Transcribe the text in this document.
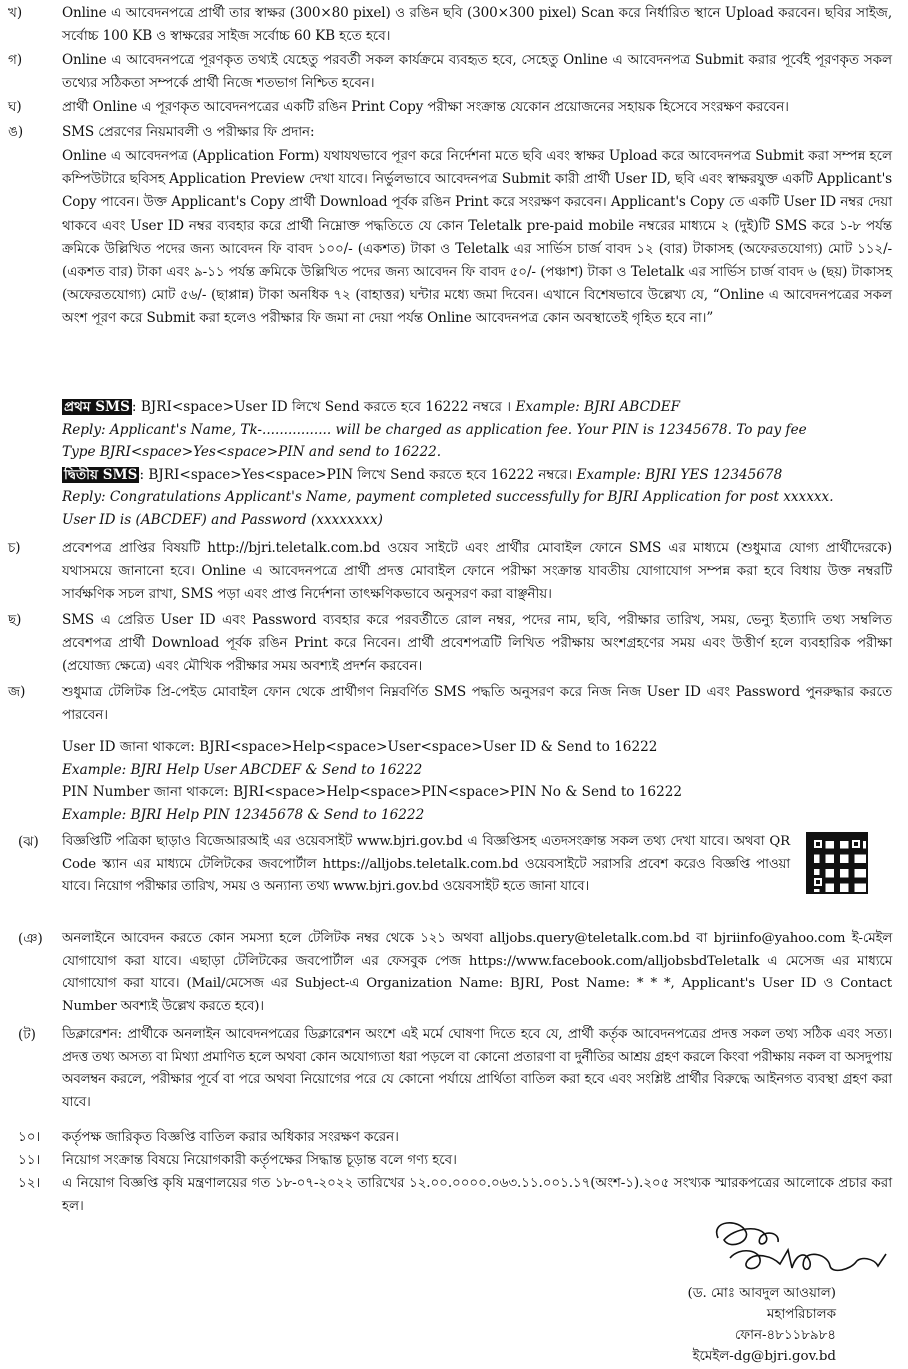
খ)	Online এ আবেদনপত্রে প্রার্থী তার স্বাক্ষর (300×80 pixel) ও রঙিন ছবি (300×300 pixel) Scan করে নির্ধারিত স্থানে Upload করবেন। ছবির সাইজ, সর্বোচ্চ 100 KB ও স্বাক্ষরের সাইজ সর্বোচ্চ 60 KB হতে হবে।
গ)	Online এ আবেদনপত্রে পূরণকৃত তথ্যই যেহেতু পরবর্তী সকল কার্যক্রমে ব্যবহৃত হবে, সেহেতু Online এ আবেদনপত্র Submit করার পূর্বেই পূরণকৃত সকল তথ্যের সঠিকতা সম্পর্কে প্রার্থী নিজে শতভাগ নিশ্চিত হবেন।
ঘ)	প্রার্থী Online এ পূরণকৃত আবেদনপত্রের একটি রঙিন Print Copy পরীক্ষা সংক্রান্ত যেকোন প্রয়োজনের সহায়ক হিসেবে সংরক্ষণ করবেন।
ঙ)	SMS প্রেরণের নিয়মাবলী ও পরীক্ষার ফি প্রদান:
Online এ আবেদনপত্র (Application Form) যথাযথভাবে পূরণ করে নির্দেশনা মতে ছবি এবং স্বাক্ষর Upload করে আবেদনপত্র Submit করা সম্পন্ন হলে কম্পিউটারে ছবিসহ Application Preview দেখা যাবে। নির্ভুলভাবে আবেদনপত্র Submit কারী প্রার্থী User ID, ছবি এবং স্বাক্ষরযুক্ত একটি Applicant's Copy পাবেন। উক্ত Applicant's Copy প্রার্থী Download পূর্বক রঙিন Print করে সংরক্ষণ করবেন। Applicant's Copy তে একটি User ID নম্বর দেয়া থাকবে এবং User ID নম্বর ব্যবহার করে প্রার্থী নিম্নোক্ত পদ্ধতিতে যে কোন Teletalk pre-paid mobile নম্বরের মাধ্যমে ২ (দুই)টি SMS করে ১-৮ পর্যন্ত ক্রমিকে উল্লিখিত পদের জন্য আবেদন ফি বাবদ ১০০/- (একশত) টাকা ও Teletalk এর সার্ভিস চার্জ বাবদ ১২ (বার) টাকাসহ (অফেরতযোগ্য) মোট ১১২/- (একশত বার) টাকা এবং ৯-১১ পর্যন্ত ক্রমিকে উল্লিখিত পদের জন্য আবেদন ফি বাবদ ৫০/- (পঞ্চাশ) টাকা ও Teletalk এর সার্ভিস চার্জ বাবদ ৬ (ছয়) টাকাসহ (অফেরতযোগ্য) মোট ৫৬/- (ছাপ্পান্ন) টাকা অনধিক ৭২ (বাহাত্তর) ঘন্টার মধ্যে জমা দিবেন। এখানে বিশেষভাবে উল্লেখ্য যে, “Online এ আবেদনপত্রের সকল অংশ পূরণ করে Submit করা হলেও পরীক্ষার ফি জমা না দেয়া পর্যন্ত Online আবেদনপত্র কোন অবস্থাতেই গৃহিত হবে না।”

প্রথম SMS : BJRI<space>User ID লিখে Send করতে হবে 16222 নম্বরে । Example: BJRI ABCDEF

Reply: Applicant's Name, Tk-................ will be charged as application fee. Your PIN is 12345678. To pay fee

Type BJRI<space>Yes<space>PIN and send to 16222.

দ্বিতীয় SMS : BJRI<space>Yes<space>PIN লিখে Send করতে হবে 16222 নম্বরে। Example: BJRI YES 12345678

Reply: Congratulations Applicant's Name, payment completed successfully for BJRI Application for post xxxxxx.

User ID is (ABCDEF) and Password (xxxxxxxx)

চ)	প্রবেশপত্র প্রাপ্তির বিষয়টি http://bjri.teletalk.com.bd ওয়েব সাইটে এবং প্রার্থীর মোবাইল ফোনে SMS এর মাধ্যমে (শুধুমাত্র যোগ্য প্রার্থীদেরকে) যথাসময়ে জানানো হবে। Online এ আবেদনপত্রে প্রার্থী প্রদত্ত মোবাইল ফোনে পরীক্ষা সংক্রান্ত যাবতীয় যোগাযোগ সম্পন্ন করা হবে বিধায় উক্ত নম্বরটি সার্বক্ষণিক সচল রাখা, SMS পড়া এবং প্রাপ্ত নির্দেশনা তাৎক্ষণিকভাবে অনুসরণ করা বাঞ্ছনীয়।
ছ)	SMS এ প্রেরিত User ID এবং Password ব্যবহার করে পরবর্তীতে রোল নম্বর, পদের নাম, ছবি, পরীক্ষার তারিখ, সময়, ভেন্যু ইত্যাদি তথ্য সম্বলিত প্রবেশপত্র প্রার্থী Download পূর্বক রঙিন Print করে নিবেন। প্রার্থী প্রবেশপত্রটি লিখিত পরীক্ষায় অংশগ্রহণের সময় এবং উত্তীর্ণ হলে ব্যবহারিক পরীক্ষা (প্রযোজ্য ক্ষেত্রে) এবং মৌখিক পরীক্ষার সময় অবশ্যই প্রদর্শন করবেন।
জ)	শুধুমাত্র টেলিটক প্রি-পেইড মোবাইল ফোন থেকে প্রার্থীগণ নিম্নবর্ণিত SMS পদ্ধতি অনুসরণ করে নিজ নিজ User ID এবং Password পুনরুদ্ধার করতে পারবেন।

User ID জানা থাকলে: BJRI<space>Help<space>User<space>User ID & Send to 16222

Example: BJRI Help User ABCDEF & Send to 16222

PIN Number জানা থাকলে: BJRI<space>Help<space>PIN<space>PIN No & Send to 16222

Example: BJRI Help PIN 12345678 & Send to 16222

(ঝ)	বিজ্ঞপ্তিটি পত্রিকা ছাড়াও বিজেআরআই এর ওয়েবসাইট www.bjri.gov.bd এ বিজ্ঞপ্তিসহ এতদসংক্রান্ত সকল তথ্য দেখা যাবে। অথবা QR Code স্ক্যান এর মাধ্যমে টেলিটকের জবপোর্টাল https://alljobs.teletalk.com.bd ওয়েবসাইটে সরাসরি প্রবেশ করেও বিজ্ঞপ্তি পাওয়া যাবে। নিয়োগ পরীক্ষার তারিখ, সময় ও অন্যান্য তথ্য www.bjri.gov.bd ওয়েবসাইট হতে জানা যাবে।
(ঞ)	অনলাইনে আবেদন করতে কোন সমস্যা হলে টেলিটক নম্বর থেকে ১২১ অথবা alljobs.query@teletalk.com.bd বা bjriinfo@yahoo.com ই-মেইল যোগাযোগ করা যাবে। এছাড়া টেলিটকের জবপোর্টাল এর ফেসবুক পেজ https://www.facebook.com/alljobsbdTeletalk এ মেসেজ এর মাধ্যমে যোগাযোগ করা যাবে। (Mail/মেসেজ এর Subject-এ Organization Name: BJRI, Post Name: * * *, Applicant's User ID ও Contact Number অবশ্যই উল্লেখ করতে হবে)।
(ট)	ডিক্লারেশন: প্রার্থীকে অনলাইন আবেদনপত্রের ডিক্লারেশন অংশে এই মর্মে ঘোষণা দিতে হবে যে, প্রার্থী কর্তৃক আবেদনপত্রের প্রদত্ত সকল তথ্য সঠিক এবং সত্য। প্রদত্ত তথ্য অসত্য বা মিথ্যা প্রমাণিত হলে অথবা কোন অযোগ্যতা ধরা পড়লে বা কোনো প্রতারণা বা দুর্নীতির আশ্রয় গ্রহণ করলে কিংবা পরীক্ষায় নকল বা অসদুপায় অবলম্বন করলে, পরীক্ষার পূর্বে বা পরে অথবা নিয়োগের পরে যে কোনো পর্যায়ে প্রার্থিতা বাতিল করা হবে এবং সংশ্লিষ্ট প্রার্থীর বিরুদ্ধে আইনগত ব্যবস্থা গ্রহণ করা যাবে।
১০।	কর্তৃপক্ষ জারিকৃত বিজ্ঞপ্তি বাতিল করার অধিকার সংরক্ষণ করেন।
১১।	নিয়োগ সংক্রান্ত বিষয়ে নিয়োগকারী কর্তৃপক্ষের সিদ্ধান্ত চূড়ান্ত বলে গণ্য হবে।
১২।	এ নিয়োগ বিজ্ঞপ্তি কৃষি মন্ত্রণালয়ের গত ১৮-০৭-২০২২ তারিখের ১২.০০.০০০০.০৬৩.১১.০০১.১৭(অংশ-১).২০৫ সংখ্যক স্মারকপত্রের আলোকে প্রচার করা হল।
(ড. মোঃ আবদুল আওয়াল)
মহাপরিচালক
ফোন-৪৮১১৮৯৮৪
ইমেইল-dg@bjri.gov.bd
